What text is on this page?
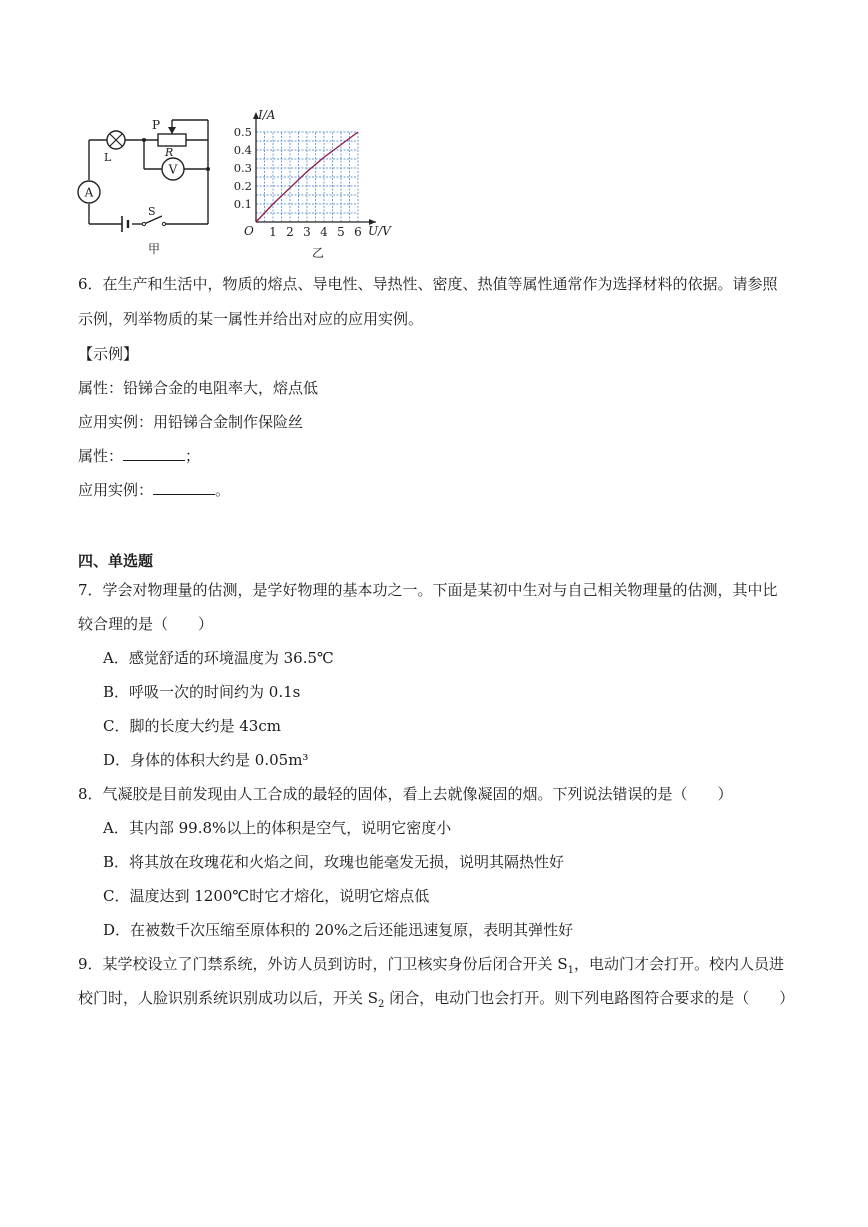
A
V
P
L	R
S
甲
0.5
0.4
0.3
0.2
0.1
1 2 3 4 5 6
I/A
U/V
O
乙
6．在生产和生活中，物质的熔点、导电性、导热性、密度、热值等属性通常作为选择材料的依据。请参照
示例，列举物质的某一属性并给出对应的应用实例。
【示例】
属性：铅锑合金的电阻率大，熔点低
应用实例：用铅锑合金制作保险丝
属性：	；
应用实例：	。
四、单选题
7．学会对物理量的估测，是学好物理的基本功之一。下面是某初中生对与自己相关物理量的估测，其中比
较合理的是（　　）
A．感觉舒适的环境温度为 36.5℃
B．呼吸一次的时间约为 0.1s
C．脚的长度大约是 43cm
D．身体的体积大约是 0.05m³
8．气凝胶是目前发现由人工合成的最轻的固体，看上去就像凝固的烟。下列说法错误的是（　　）
A．其内部 99.8%以上的体积是空气，说明它密度小
B．将其放在玫瑰花和火焰之间，玫瑰也能毫发无损，说明其隔热性好
C．温度达到 1200℃时它才熔化，说明它熔点低
D．在被数千次压缩至原体积的 20%之后还能迅速复原，表明其弹性好
9．某学校设立了门禁系统，外访人员到访时，门卫核实身份后闭合开关 $S_1$，电动门才会打开。校内人员进
校门时，人脸识别系统识别成功以后，开关 $S_2$ 闭合，电动门也会打开。则下列电路图符合要求的是（　　）
